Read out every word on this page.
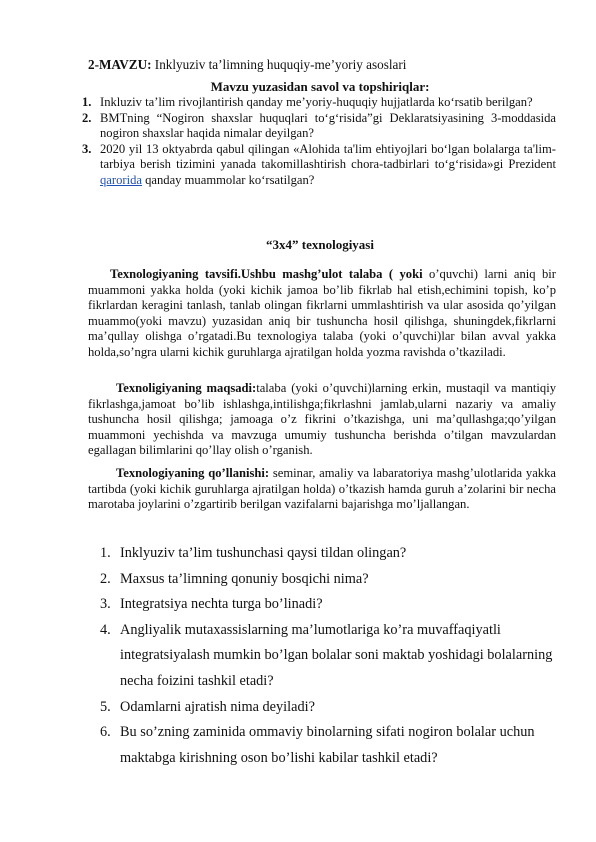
2-MAVZU: Inklyuziv ta’limning huquqiy-me’yoriy asoslari
Mavzu yuzasidan savol va topshiriqlar:
1. Inkluziv ta’lim rivojlantirish qanday me’yoriy-huquqiy hujjatlarda ko‘rsatib berilgan?
2. BMTning “Nogiron shaxslar huquqlari to‘g‘risida”gi Deklaratsiyasining 3-moddasida nogiron shaxslar haqida nimalar deyilgan?
3. 2020 yil 13 oktyabrda qabul qilingan «Alohida ta'lim ehtiyojlari bo‘lgan bolalarga ta'lim-tarbiya berish tizimini yanada takomillashtirish chora-tadbirlari to‘g‘risida»gi Prezident qarorida qanday muammolar ko‘rsatilgan?
“3x4” texnologiyasi

Texnologiyaning tavsifi.Ushbu mashg’ulot talaba ( yoki o’quvchi) larni aniq bir muammoni yakka holda (yoki kichik jamoa bo’lib fikrlab hal etish,echimini topish, ko’p fikrlardan keragini tanlash, tanlab olingan fikrlarni ummlashtirish va ular asosida qo’yilgan muammo(yoki mavzu) yuzasidan aniq bir tushuncha hosil qilishga, shuningdek,fikrlarni ma’qullay olishga o’rgatadi.Bu texnologiya talaba (yoki o’quvchi)lar bilan avval yakka holda,so’ngra ularni kichik guruhlarga ajratilgan holda yozma ravishda o’tkaziladi.

Texnoligiyaning maqsadi:talaba (yoki o’quvchi)larning erkin, mustaqil va mantiqiy fikrlashga,jamoat bo’lib ishlashga,intilishga;fikrlashni jamlab,ularni nazariy va amaliy tushuncha hosil qilishga; jamoaga o’z fikrini o’tkazishga, uni ma’qullashga;qo’yilgan muammoni yechishda va mavzuga umumiy tushuncha berishda o’tilgan mavzulardan egallagan bilimlarini qo’llay olish o’rganish.

Texnologiyaning qo’llanishi: seminar, amaliy va labaratoriya mashg’ulotlarida yakka tartibda (yoki kichik guruhlarga ajratilgan holda) o’tkazish hamda guruh a’zolarini bir necha marotaba joylarini o’zgartirib berilgan vazifalarni bajarishga mo’ljallangan.

1. Inklyuziv ta’lim tushunchasi qaysi tildan olingan?
2. Maxsus ta’limning qonuniy bosqichi nima?
3. Integratsiya nechta turga bo’linadi?
4. Angliyalik mutaxassislarning ma’lumotlariga ko’ra muvaffaqiyatli integratsiyalash mumkin bo’lgan bolalar soni maktab yoshidagi bolalarning necha foizini tashkil etadi?
5. Odamlarni ajratish nima deyiladi?
6. Bu so’zning zaminida ommaviy binolarning sifati nogiron bolalar uchun maktabga kirishning oson bo’lishi kabilar tashkil etadi?
